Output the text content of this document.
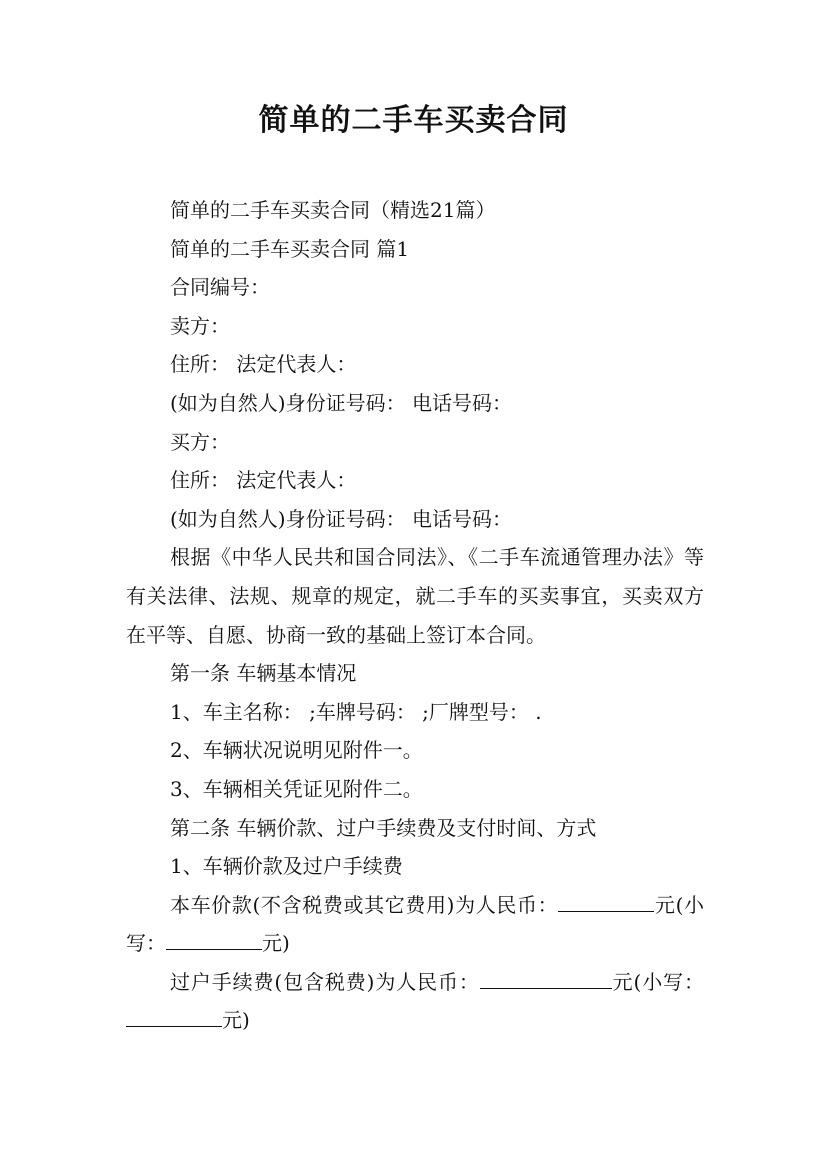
简单的二手车买卖合同

简单的二手车买卖合同（精选21篇）

简单的二手车买卖合同 篇1

合同编号：

卖方：

住所： 法定代表人：

(如为自然人)身份证号码： 电话号码：

买方：

住所： 法定代表人：

(如为自然人)身份证号码： 电话号码：

根据《中华人民共和国合同法》、《二手车流通管理办法》等有关法律、法规、规章的规定，就二手车的买卖事宜，买卖双方在平等、自愿、协商一致的基础上签订本合同。

第一条 车辆基本情况

1、车主名称： ;车牌号码： ;厂牌型号： .

2、车辆状况说明见附件一。

3、车辆相关凭证见附件二。

第二条 车辆价款、过户手续费及支付时间、方式

1、车辆价款及过户手续费

本车价款(不含税费或其它费用)为人民币：	元(小写：	元)

过户手续费(包含税费)为人民币：	元(小写：元)
